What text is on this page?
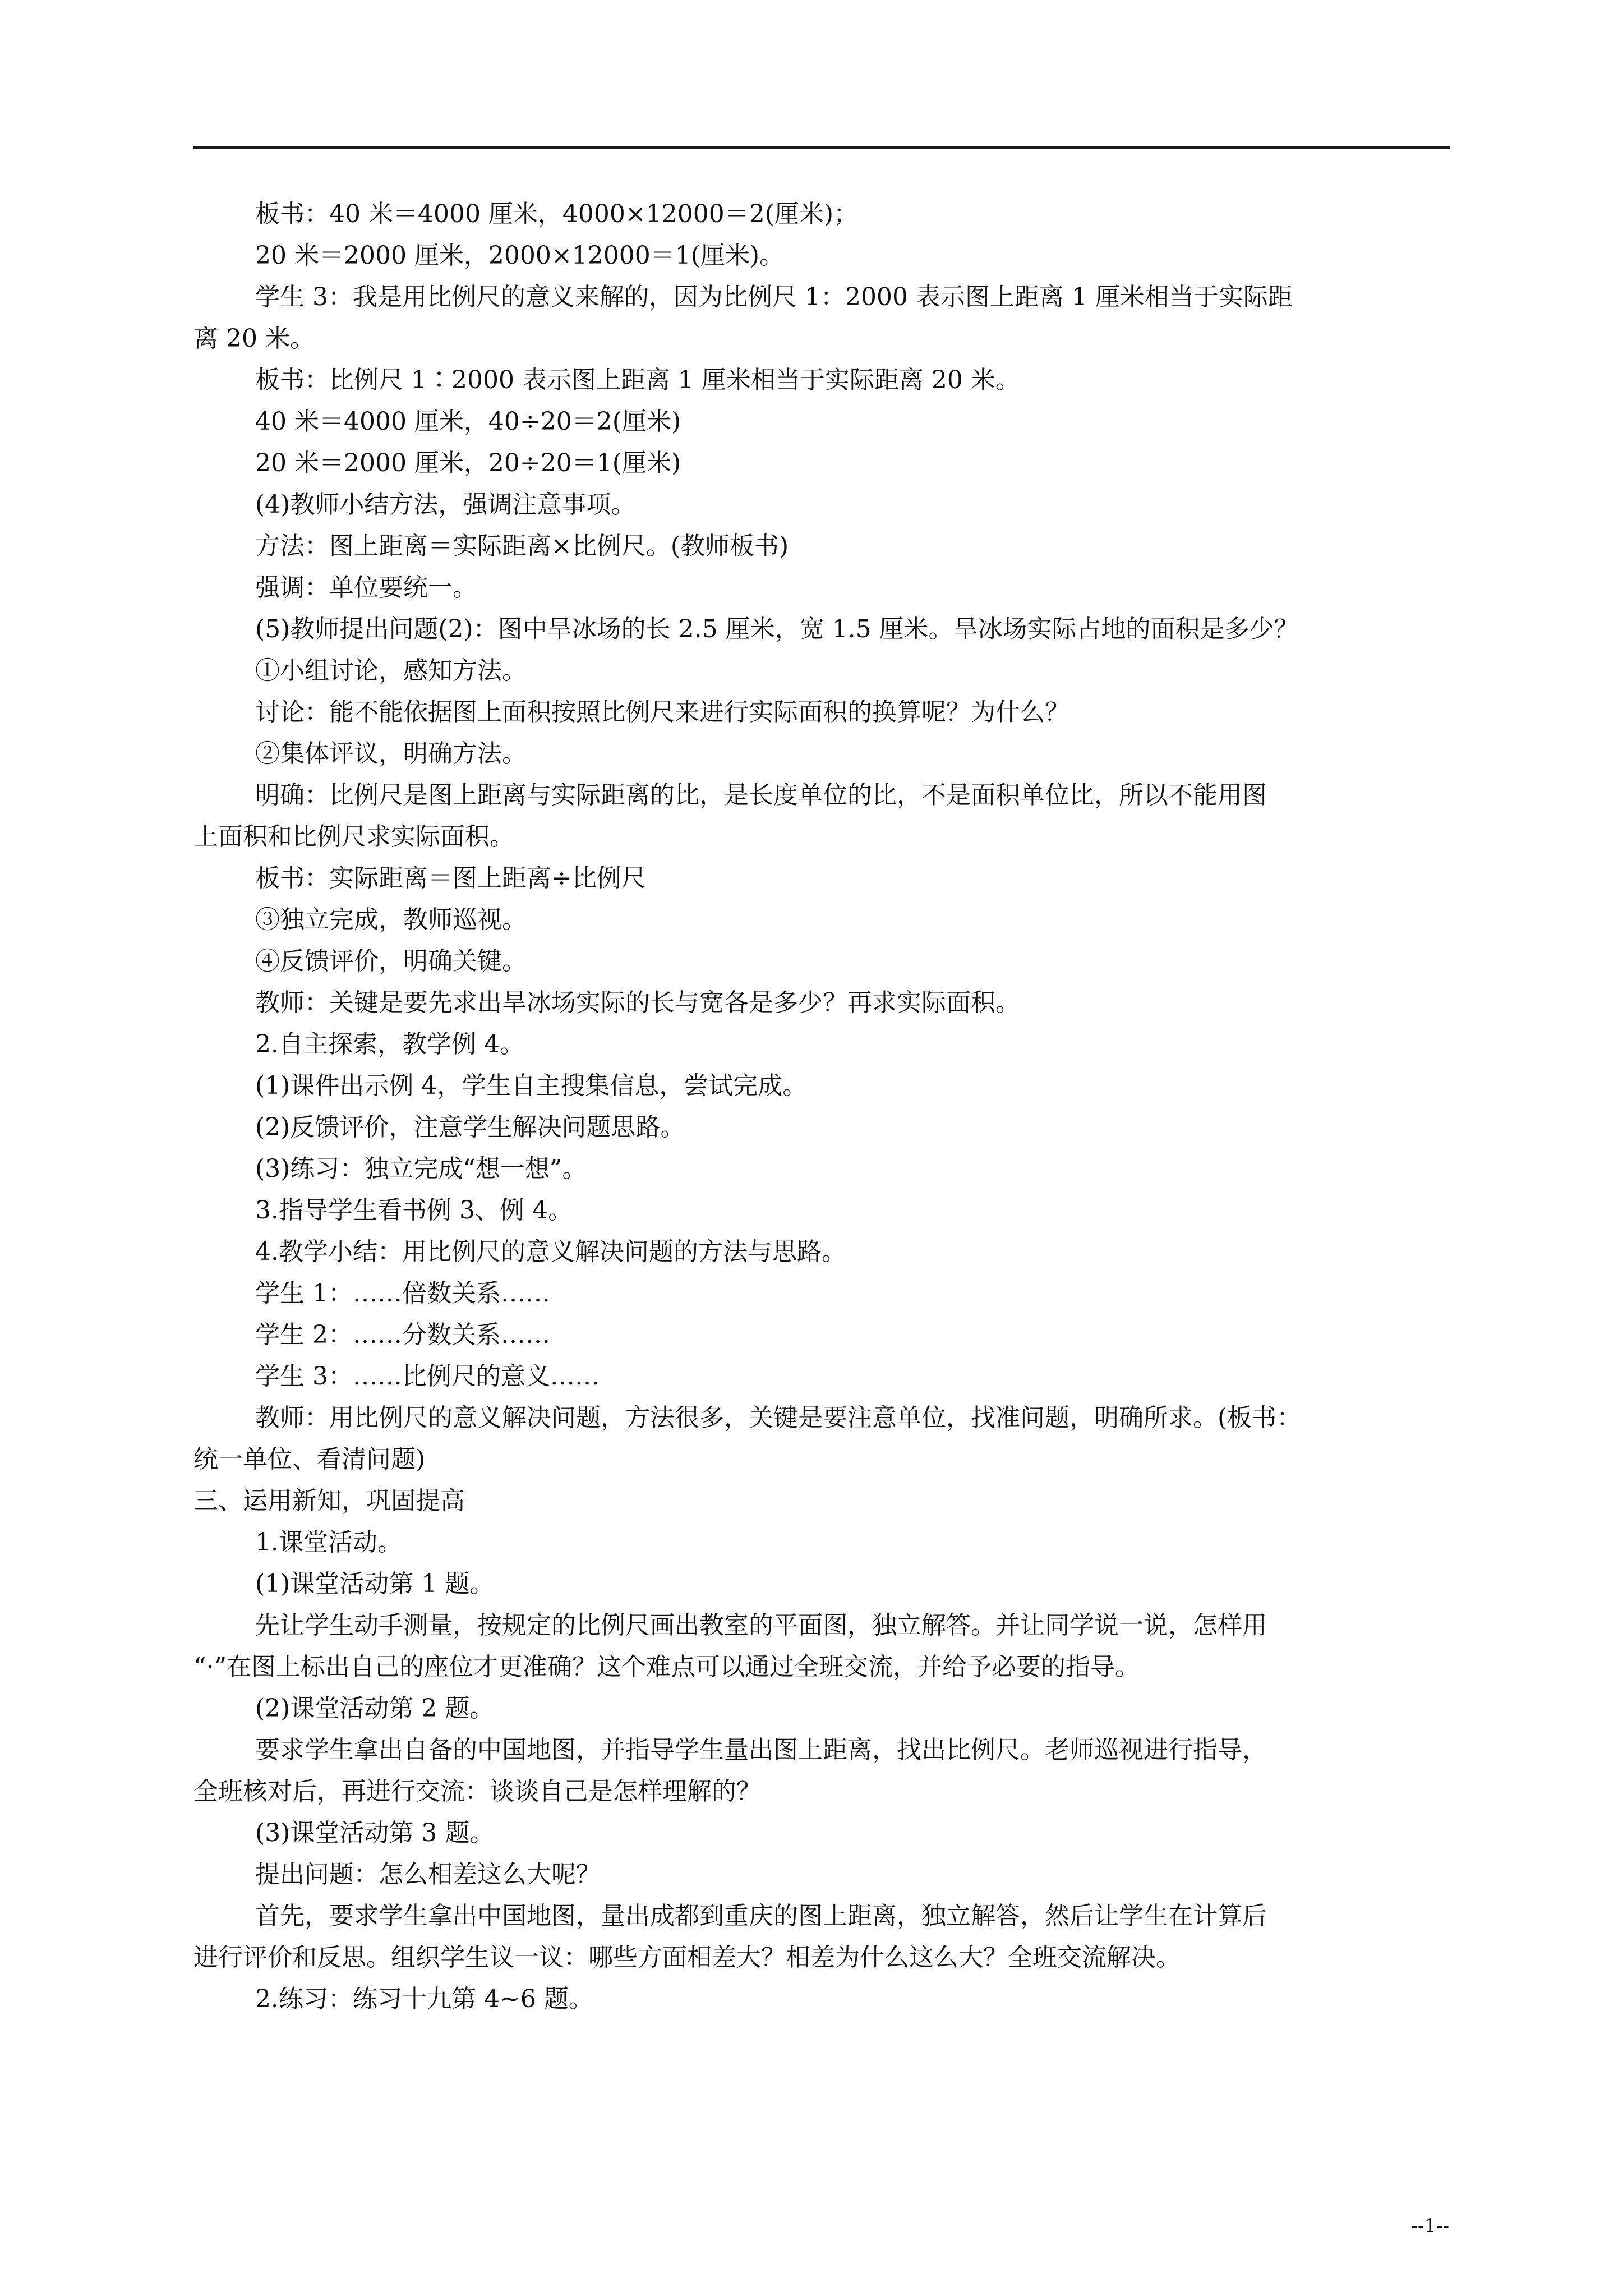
板书：40 米＝4000 厘米，4000×12000＝2(厘米)；
20 米＝2000 厘米，2000×12000＝1(厘米)。
学生 3：我是用比例尺的意义来解的，因为比例尺 1：2000 表示图上距离 1 厘米相当于实际距
离 20 米。
板书：比例尺 1∶2000 表示图上距离 1 厘米相当于实际距离 20 米。
40 米＝4000 厘米，40÷20＝2(厘米)
20 米＝2000 厘米，20÷20＝1(厘米)
(4)教师小结方法，强调注意事项。
方法：图上距离＝实际距离×比例尺。(教师板书)
强调：单位要统一。
(5)教师提出问题(2)：图中旱冰场的长 2.5 厘米，宽 1.5 厘米。旱冰场实际占地的面积是多少？
①小组讨论，感知方法。
讨论：能不能依据图上面积按照比例尺来进行实际面积的换算呢？为什么？
②集体评议，明确方法。
明确：比例尺是图上距离与实际距离的比，是长度单位的比，不是面积单位比，所以不能用图
上面积和比例尺求实际面积。
板书：实际距离＝图上距离÷比例尺
③独立完成，教师巡视。
④反馈评价，明确关键。
教师：关键是要先求出旱冰场实际的长与宽各是多少？再求实际面积。
2.自主探索，教学例 4。
(1)课件出示例 4，学生自主搜集信息，尝试完成。
(2)反馈评价，注意学生解决问题思路。
(3)练习：独立完成“想一想”。
3.指导学生看书例 3、例 4。
4.教学小结：用比例尺的意义解决问题的方法与思路。
学生 1：……倍数关系……
学生 2：……分数关系……
学生 3：……比例尺的意义……
教师：用比例尺的意义解决问题，方法很多，关键是要注意单位，找准问题，明确所求。(板书：
统一单位、看清问题)
三、运用新知，巩固提高
1.课堂活动。
(1)课堂活动第 1 题。
先让学生动手测量，按规定的比例尺画出教室的平面图，独立解答。并让同学说一说，怎样用
“·”在图上标出自己的座位才更准确？这个难点可以通过全班交流，并给予必要的指导。
(2)课堂活动第 2 题。
要求学生拿出自备的中国地图，并指导学生量出图上距离，找出比例尺。老师巡视进行指导，
全班核对后，再进行交流：谈谈自己是怎样理解的？
(3)课堂活动第 3 题。
提出问题：怎么相差这么大呢？
首先，要求学生拿出中国地图，量出成都到重庆的图上距离，独立解答，然后让学生在计算后
进行评价和反思。组织学生议一议：哪些方面相差大？相差为什么这么大？全班交流解决。
2.练习：练习十九第 4~6 题。
--1--
